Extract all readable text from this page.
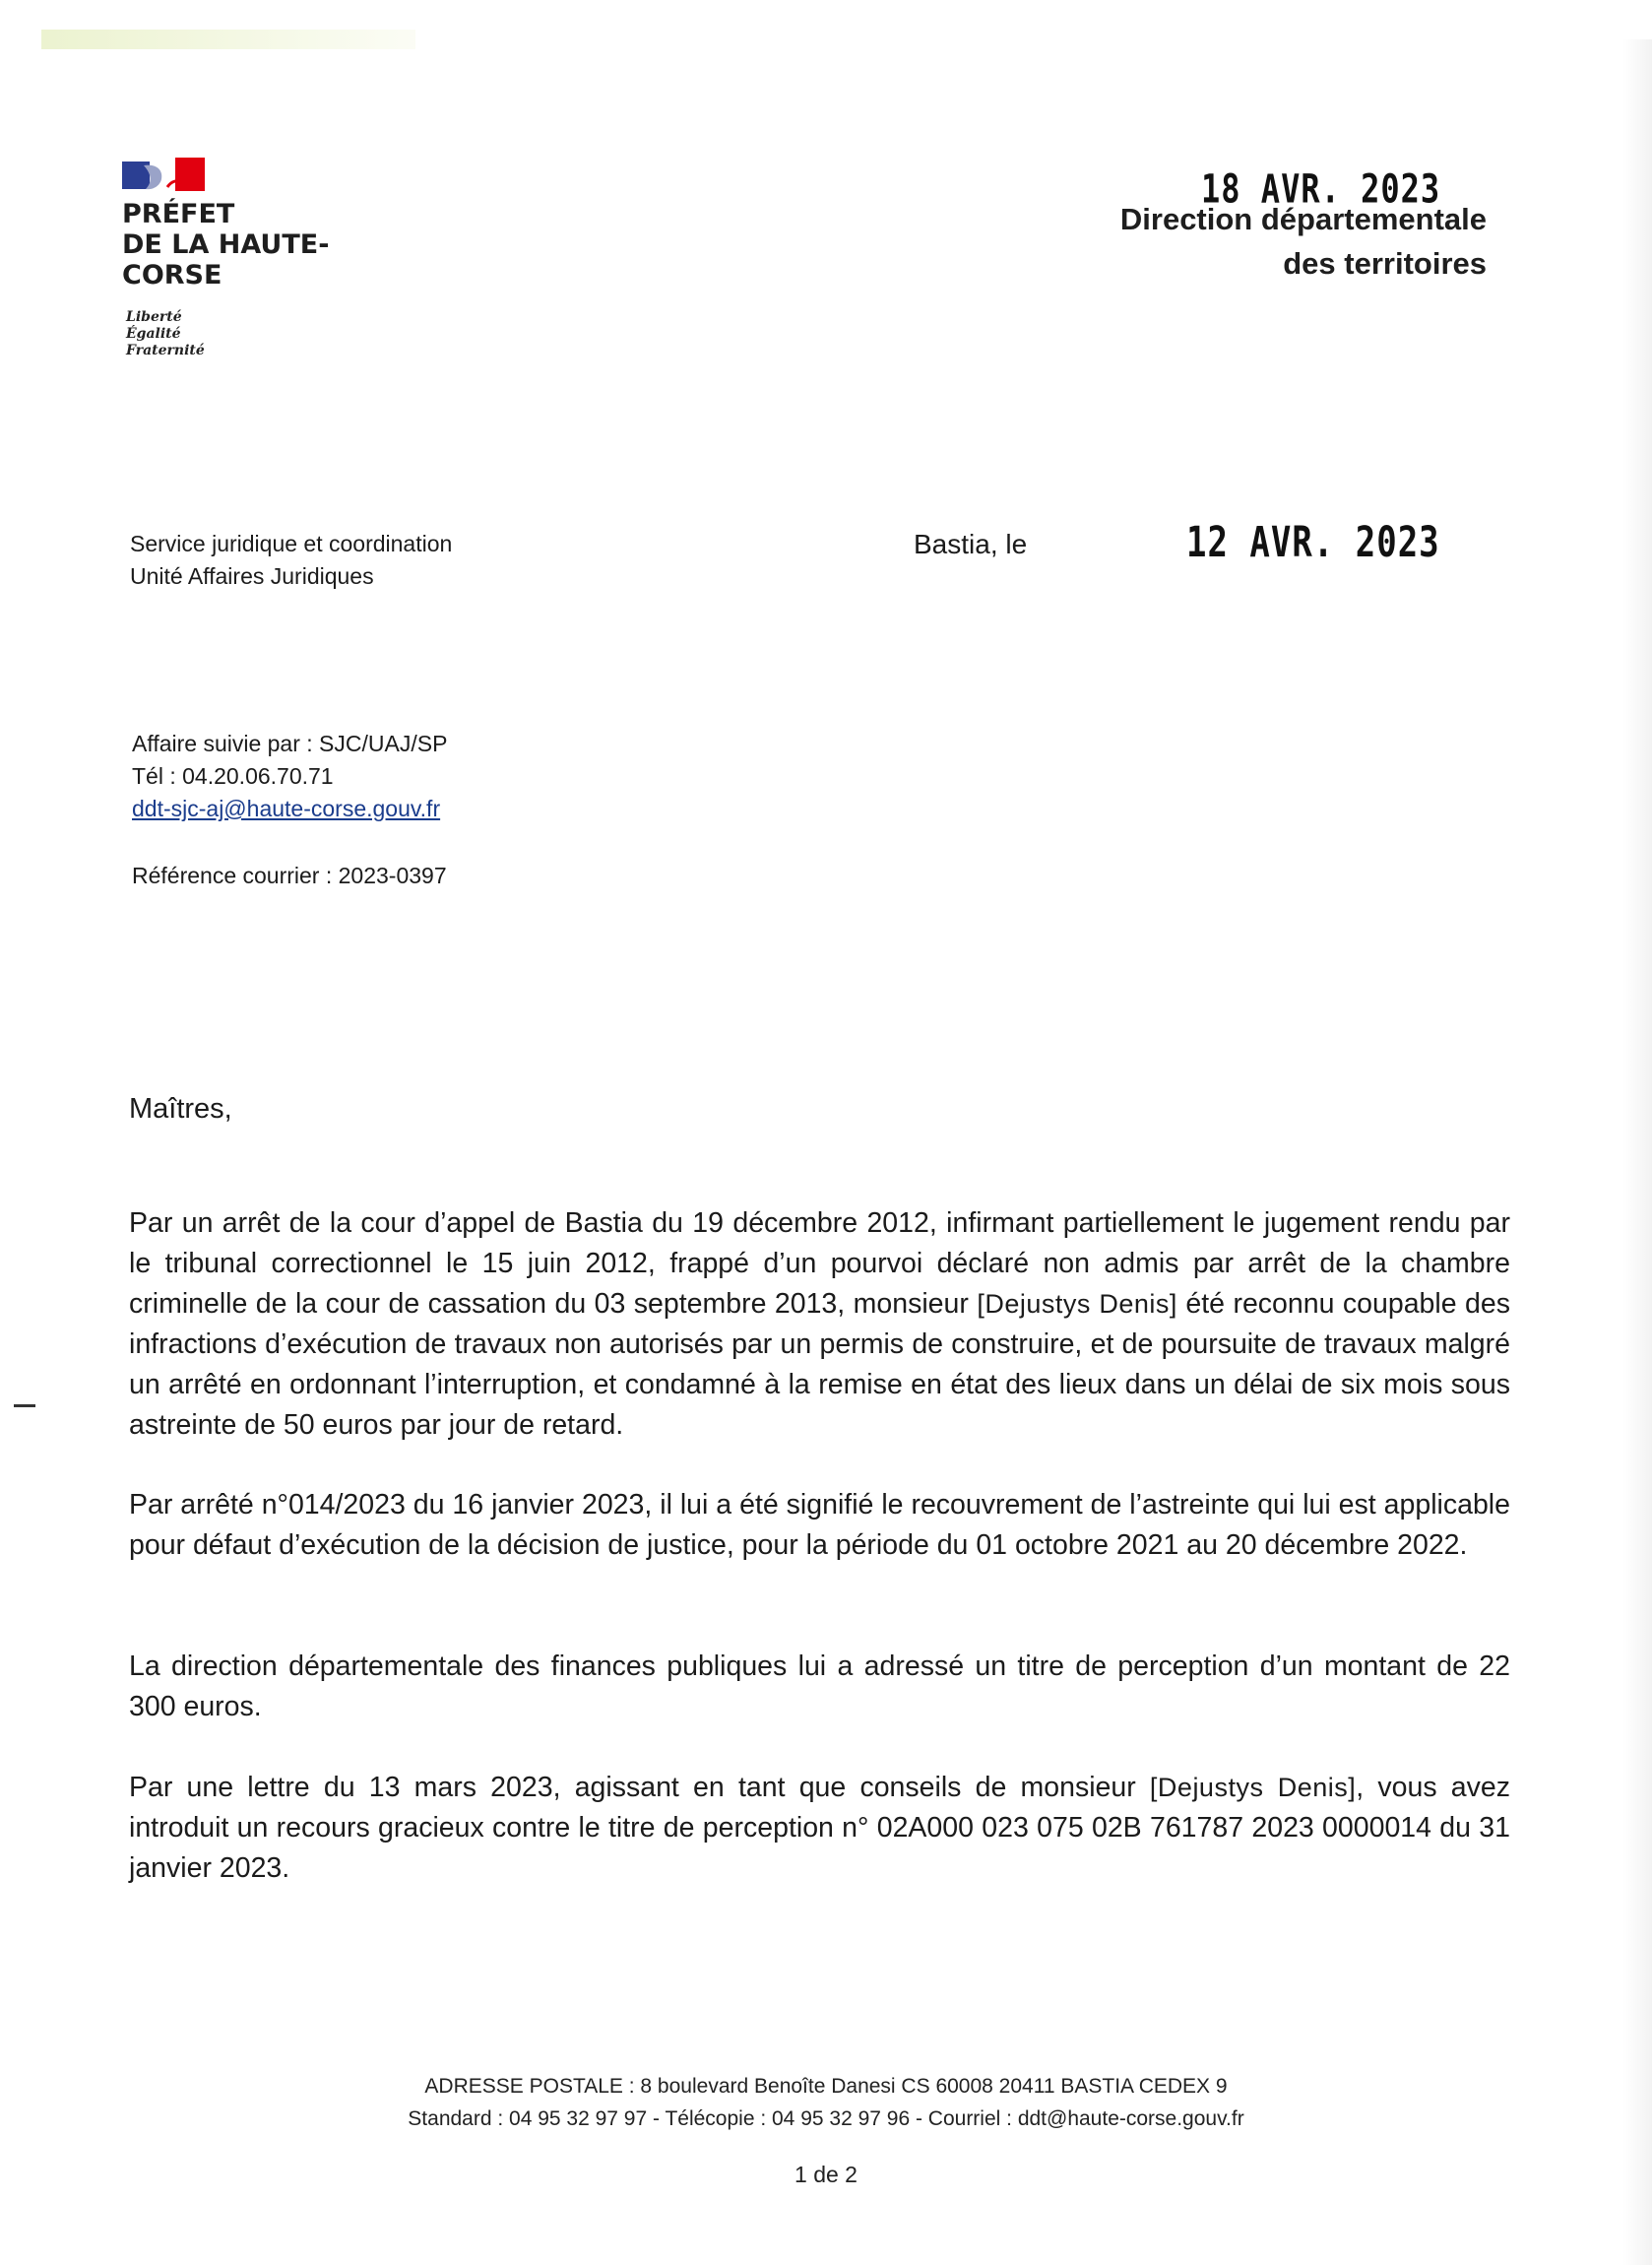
PRÉFET
DE LA HAUTE-
CORSE
Liberté
Égalité
Fraternité
18 AVR. 2023
Direction départementale
des territoires
Service juridique et coordination
Unité Affaires Juridiques
Bastia, le	12 AVR. 2023
Affaire suivie par : SJC/UAJ/SP
Tél : 04.20.06.70.71
ddt-sjc-aj@haute-corse.gouv.fr
Référence courrier : 2023-0397
Maîtres,
Par un arrêt de la cour d’appel de Bastia du 19 décembre 2012, infirmant partiellement le jugement rendu par le tribunal correctionnel le 15 juin 2012, frappé d’un pourvoi déclaré non admis par arrêt de la chambre criminelle de la cour de cassation du 03 septembre 2013, monsieur [Dejustys Denis] été reconnu coupable des infractions d’exécution de travaux non autorisés par un permis de construire, et de poursuite de travaux malgré un arrêté en ordonnant l’interruption, et condamné à la remise en état des lieux dans un délai de six mois sous astreinte de 50 euros par jour de retard.
Par arrêté n°014/2023 du 16 janvier 2023, il lui a été signifié le recouvrement de l’astreinte qui lui est applicable pour défaut d’exécution de la décision de justice, pour la période du 01 octobre 2021 au 20 décembre 2022.
La direction départementale des finances publiques lui a adressé un titre de perception d’un montant de 22 300 euros.
Par une lettre du 13 mars 2023, agissant en tant que conseils de monsieur [Dejustys Denis], vous avez introduit un recours gracieux contre le titre de perception n° 02A000 023 075 02B 761787 2023 0000014 du 31 janvier 2023.
ADRESSE POSTALE : 8 boulevard Benoîte Danesi CS 60008 20411 BASTIA CEDEX 9
Standard : 04 95 32 97 97 - Télécopie : 04 95 32 97 96 - Courriel : ddt@haute-corse.gouv.fr
1 de 2
